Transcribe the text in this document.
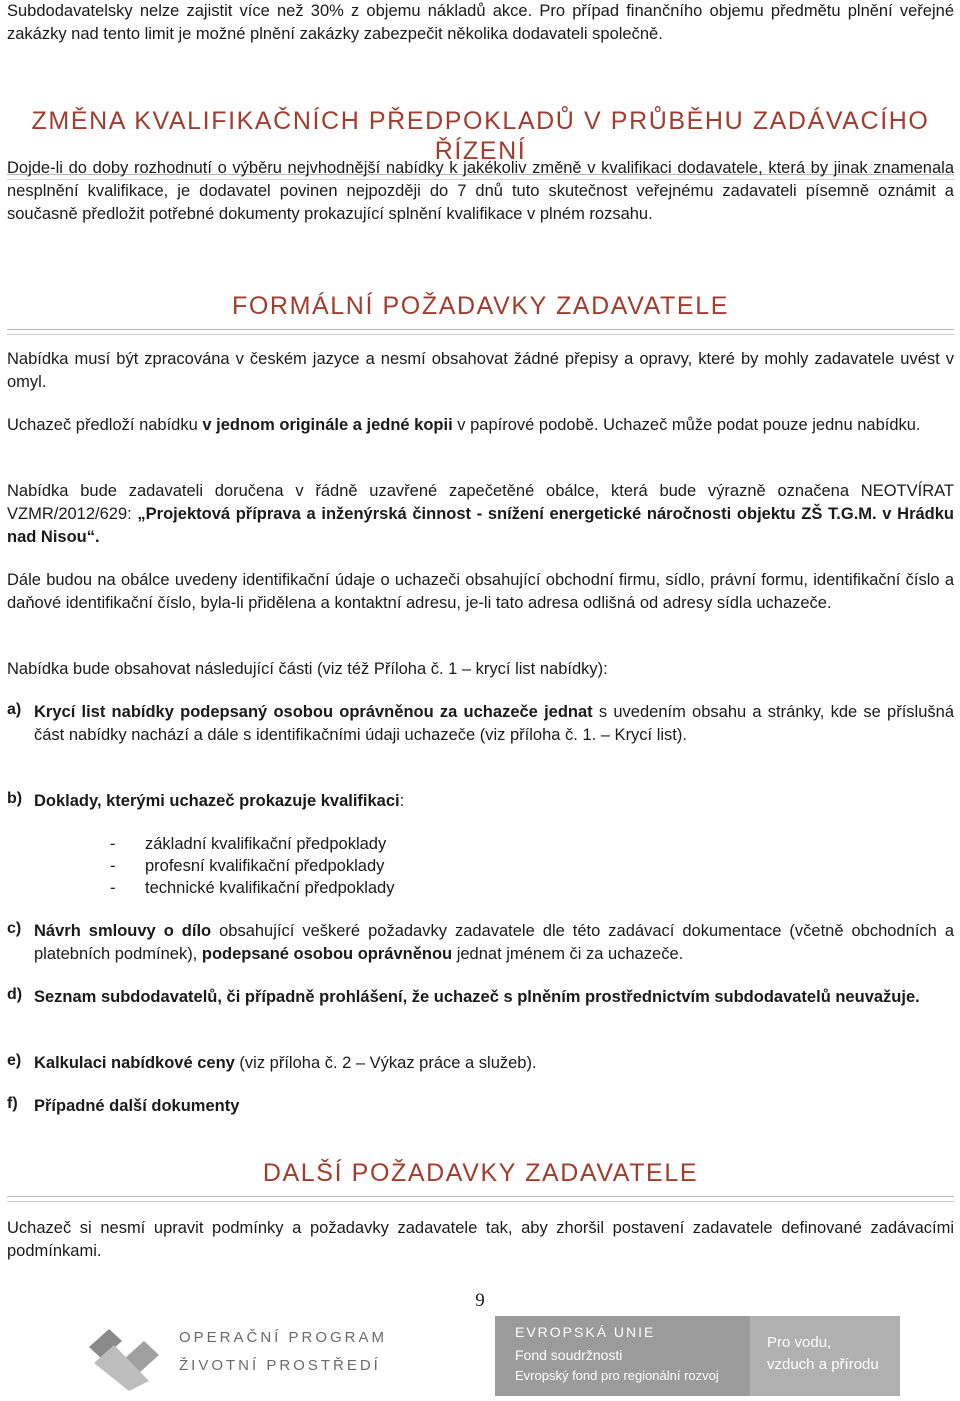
Subdodavatelsky nelze zajistit více než 30% z objemu nákladů akce. Pro případ finančního objemu předmětu plnění veřejné zakázky nad tento limit je možné plnění zakázky zabezpečit několika dodavateli společně.

ZMĚNA KVALIFIKAČNÍCH PŘEDPOKLADŮ V PRŮBĚHU ZADÁVACÍHO ŘÍZENÍ

Dojde-li do doby rozhodnutí o výběru nejvhodnější nabídky k jakékoliv změně v kvalifikaci dodavatele, která by jinak znamenala nesplnění kvalifikace, je dodavatel povinen nejpozději do 7 dnů tuto skutečnost veřejnému zadavateli písemně oznámit a současně předložit potřebné dokumenty prokazující splnění kvalifikace v plném rozsahu.

FORMÁLNÍ POŽADAVKY ZADAVATELE

Nabídka musí být zpracována v českém jazyce a nesmí obsahovat žádné přepisy a opravy, které by mohly zadavatele uvést v omyl.

Uchazeč předloží nabídku v jednom originále a jedné kopii v papírové podobě. Uchazeč může podat pouze jednu nabídku.

Nabídka bude zadavateli doručena v řádně uzavřené zapečetěné obálce, která bude výrazně označena NEOTVÍRAT VZMR/2012/629: „Projektová příprava a inženýrská činnost - snížení energetické náročnosti objektu ZŠ T.G.M. v Hrádku nad Nisou“.

Dále budou na obálce uvedeny identifikační údaje o uchazeči obsahující obchodní firmu, sídlo, právní formu, identifikační číslo a daňové identifikační číslo, byla-li přidělena a kontaktní adresu, je-li tato adresa odlišná od adresy sídla uchazeče.

Nabídka bude obsahovat následující části (viz též Příloha č. 1 – krycí list nabídky):

a) Krycí list nabídky podepsaný osobou oprávněnou za uchazeče jednat s uvedením obsahu a stránky, kde se příslušná část nabídky nachází a dále s identifikačními údaji uchazeče (viz příloha č. 1. – Krycí list).

b) Doklady, kterými uchazeč prokazuje kvalifikaci:

- základní kvalifikační předpoklady
- profesní kvalifikační předpoklady
- technické kvalifikační předpoklady
c) Návrh smlouvy o dílo obsahující veškeré požadavky zadavatele dle této zadávací dokumentace (včetně obchodních a platebních podmínek), podepsané osobou oprávněnou jednat jménem či za uchazeče.

d) Seznam subdodavatelů, či případně prohlášení, že uchazeč s plněním prostřednictvím subdodavatelů neuvažuje.

e) Kalkulaci nabídkové ceny (viz příloha č. 2 – Výkaz práce a služeb).

f) Případné další dokumenty

DALŠÍ POŽADAVKY ZADAVATELE

Uchazeč si nesmí upravit podmínky a požadavky zadavatele tak, aby zhoršil postavení zadavatele definované zadávacími podmínkami.

9
OPERAČNÍ PROGRAM
ŽIVOTNÍ PROSTŘEDÍ
EVROPSKÁ UNIE
Fond soudržnosti
Evropský fond pro regionální rozvoj
Pro vodu,
vzduch a přírodu
